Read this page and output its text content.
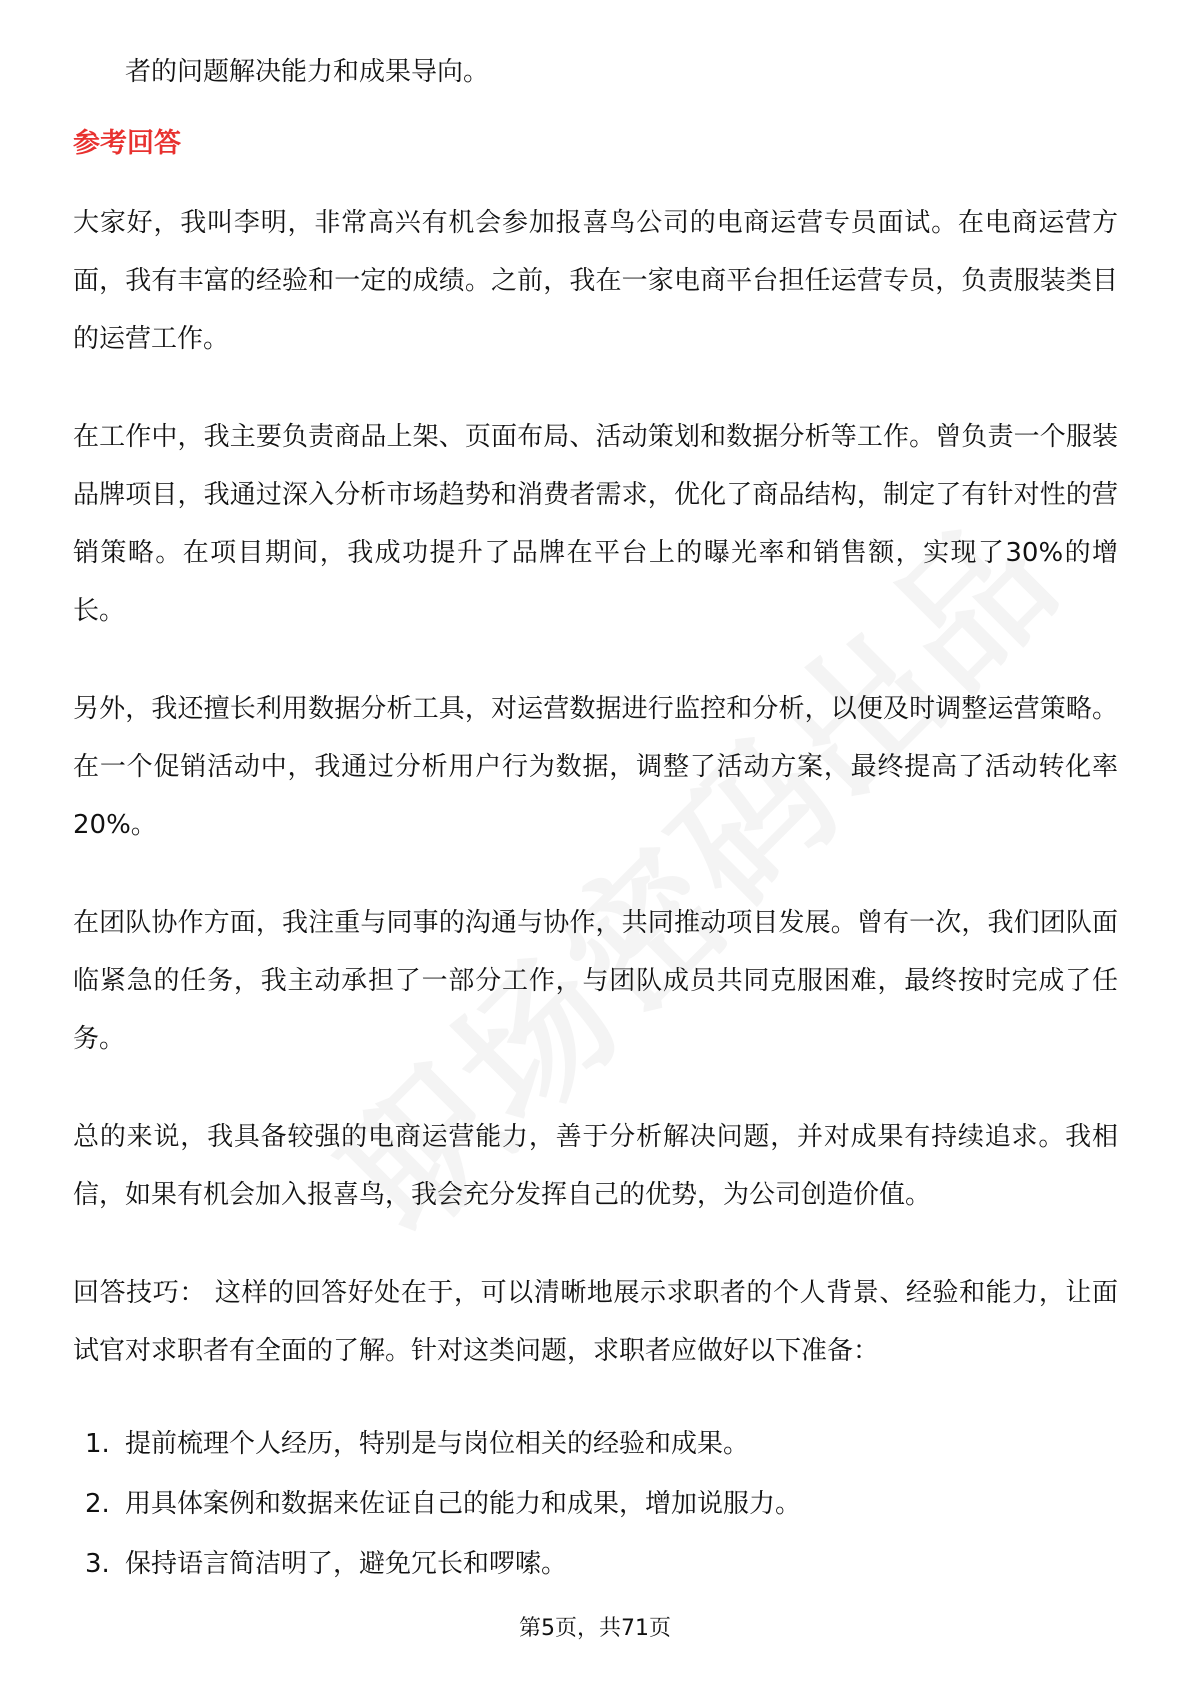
者的问题解决能力和成果导向。

参考回答

大家好，我叫李明，非常高兴有机会参加报喜鸟公司的电商运营专员面试。在电商运营方面，我有丰富的经验和一定的成绩。之前，我在一家电商平台担任运营专员，负责服装类目的运营工作。

在工作中，我主要负责商品上架、页面布局、活动策划和数据分析等工作。曾负责一个服装品牌项目，我通过深入分析市场趋势和消费者需求，优化了商品结构，制定了有针对性的营销策略。在项目期间，我成功提升了品牌在平台上的曝光率和销售额，实现了30%的增长。

另外，我还擅长利用数据分析工具，对运营数据进行监控和分析，以便及时调整运营策略。在一个促销活动中，我通过分析用户行为数据，调整了活动方案，最终提高了活动转化率20%。

在团队协作方面，我注重与同事的沟通与协作，共同推动项目发展。曾有一次，我们团队面临紧急的任务，我主动承担了一部分工作，与团队成员共同克服困难，最终按时完成了任务。

总的来说，我具备较强的电商运营能力，善于分析解决问题，并对成果有持续追求。我相信，如果有机会加入报喜鸟，我会充分发挥自己的优势，为公司创造价值。

回答技巧： 这样的回答好处在于，可以清晰地展示求职者的个人背景、经验和能力，让面试官对求职者有全面的了解。针对这类问题，求职者应做好以下准备：

1. 提前梳理个人经历，特别是与岗位相关的经验和成果。
2. 用具体案例和数据来佐证自己的能力和成果，增加说服力。
3. 保持语言简洁明了，避免冗长和啰嗦。
第5页，共71页
